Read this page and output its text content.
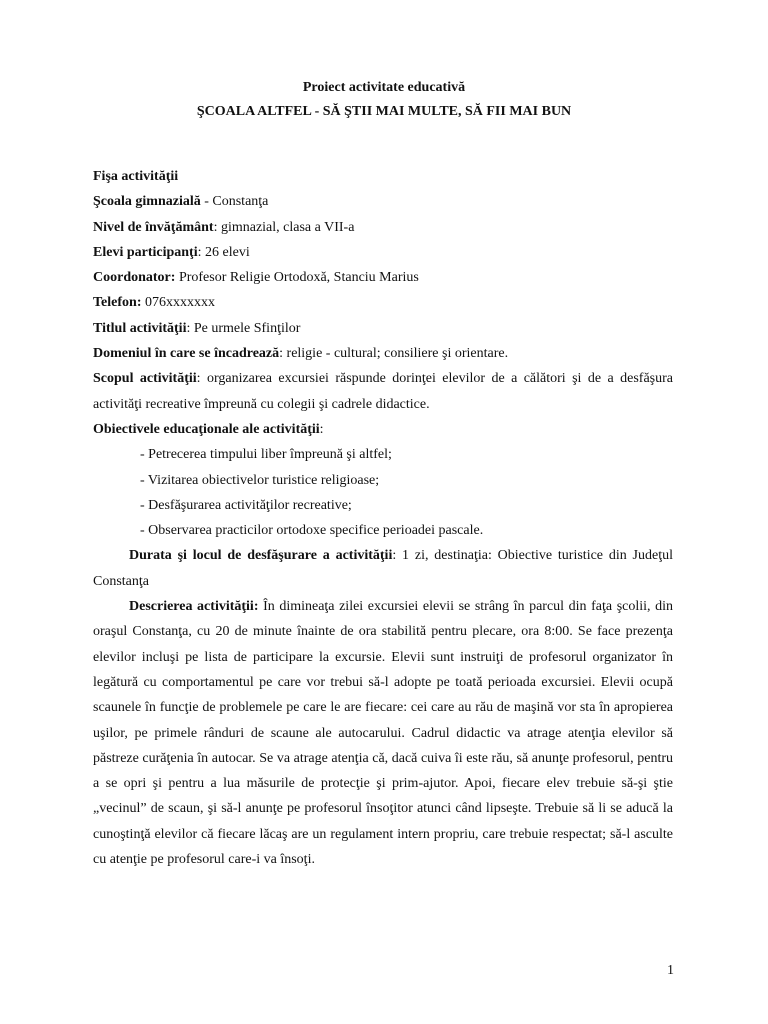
Proiect activitate educativă

ŞCOALA ALTFEL - SĂ ŞTII MAI MULTE, SĂ FII MAI BUN

Fişa activităţii
Şcoala gimnazială - Constanţa
Nivel de învăţământ: gimnazial, clasa a VII-a
Elevi participanţi: 26 elevi
Coordonator: Profesor Religie Ortodoxă, Stanciu Marius
Telefon: 076xxxxxxx
Titlul activităţii: Pe urmele Sfinţilor
Domeniul în care se încadrează: religie - cultural; consiliere şi orientare.

Scopul activităţii: organizarea excursiei răspunde dorinţei elevilor de a călători şi de a desfăşura activităţi recreative împreună cu colegii şi cadrele didactice.

Obiectivele educaţionale ale activităţii:
- Petrecerea timpului liber împreună şi altfel;
- Vizitarea obiectivelor turistice religioase;
- Desfăşurarea activităţilor recreative;
- Observarea practicilor ortodoxe specifice perioadei pascale.

Durata şi locul de desfăşurare a activităţii: 1 zi, destinaţia: Obiective turistice din Judeţul Constanţa

Descrierea activităţii: În dimineaţa zilei excursiei elevii se strâng în parcul din faţa şcolii, din oraşul Constanţa, cu 20 de minute înainte de ora stabilită pentru plecare, ora 8:00. Se face prezenţa elevilor incluşi pe lista de participare la excursie. Elevii sunt instruiţi de profesorul organizator în legătură cu comportamentul pe care vor trebui să-l adopte pe toată perioada excursiei. Elevii ocupă scaunele în funcţie de problemele pe care le are fiecare: cei care au rău de maşină vor sta în apropierea uşilor, pe primele rânduri de scaune ale autocarului. Cadrul didactic va atrage atenţia elevilor să păstreze curăţenia în autocar. Se va atrage atenţia că, dacă cuiva îi este rău, să anunţe profesorul, pentru a se opri şi pentru a lua măsurile de protecţie şi prim-ajutor. Apoi, fiecare elev trebuie să-şi ştie „vecinul” de scaun, şi să-l anunţe pe profesorul însoţitor atunci când lipseşte. Trebuie să li se aducă la cunoştinţă elevilor că fiecare lăcaş are un regulament intern propriu, care trebuie respectat; să-l asculte cu atenţie pe profesorul care-i va însoţi.

1
